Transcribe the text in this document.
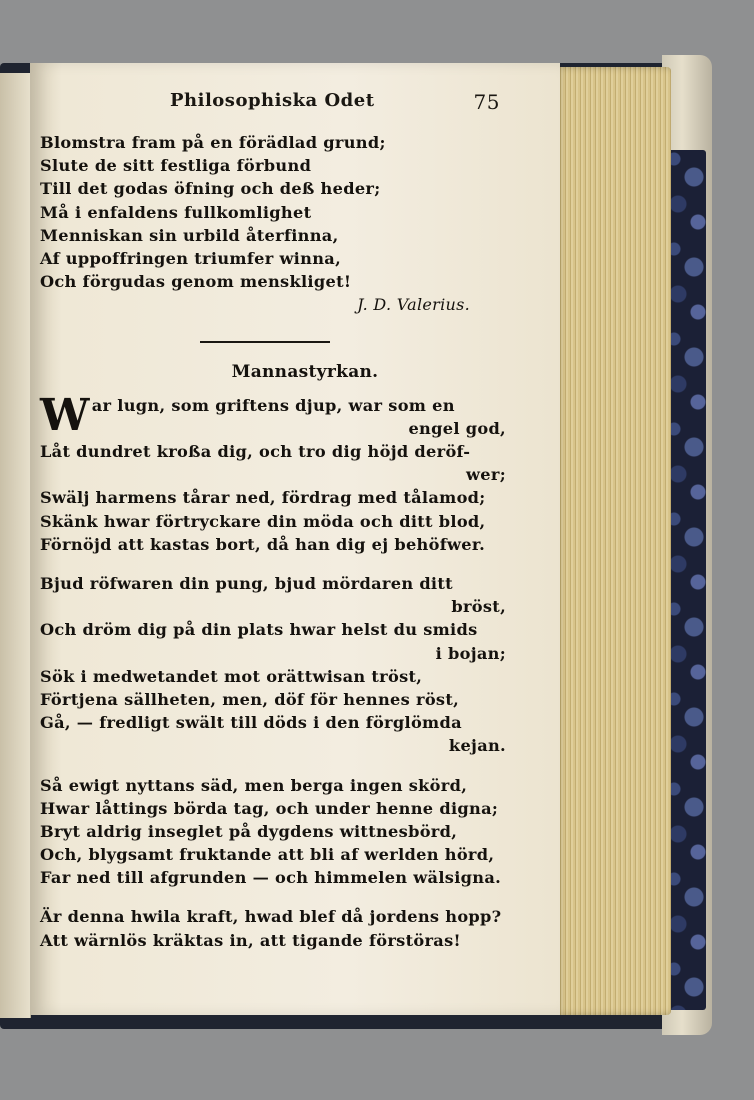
Philosophiska Odet	75
Blomstra fram på en förädlad grund;
Slute de sitt festliga förbund
Till det godas öfning och deß heder;
Må i enfaldens fullkomlighet
Menniskan sin urbild återfinna,
Af uppoffringen triumfer winna,
Och förgudas genom menskliget!
J. D. Valerius.
Mannastyrkan.
W ar lugn, som griftens djup, war som en
engel god,
Låt dundret kroßa dig, och tro dig höjd deröf-
wer;
Swälj harmens tårar ned, fördrag med tålamod;
Skänk hwar förtryckare din möda och ditt blod,
Förnöjd att kastas bort, då han dig ej behöfwer.
Bjud röfwaren din pung, bjud mördaren ditt
bröst,
Och dröm dig på din plats hwar helst du smids
i bojan;
Sök i medwetandet mot orättwisan tröst,
Förtjena sällheten, men, döf för hennes röst,
Gå, — fredligt swält till döds i den förglömda
kejan.
Så ewigt nyttans säd, men berga ingen skörd,
Hwar låttings börda tag, och under henne digna;
Bryt aldrig inseglet på dygdens wittnesbörd,
Och, blygsamt fruktande att bli af werlden hörd,
Far ned till afgrunden — och himmelen wälsigna.
Är denna hwila kraft, hwad blef då jordens hopp?
Att wärnlös kräktas in, att tigande förstöras!
